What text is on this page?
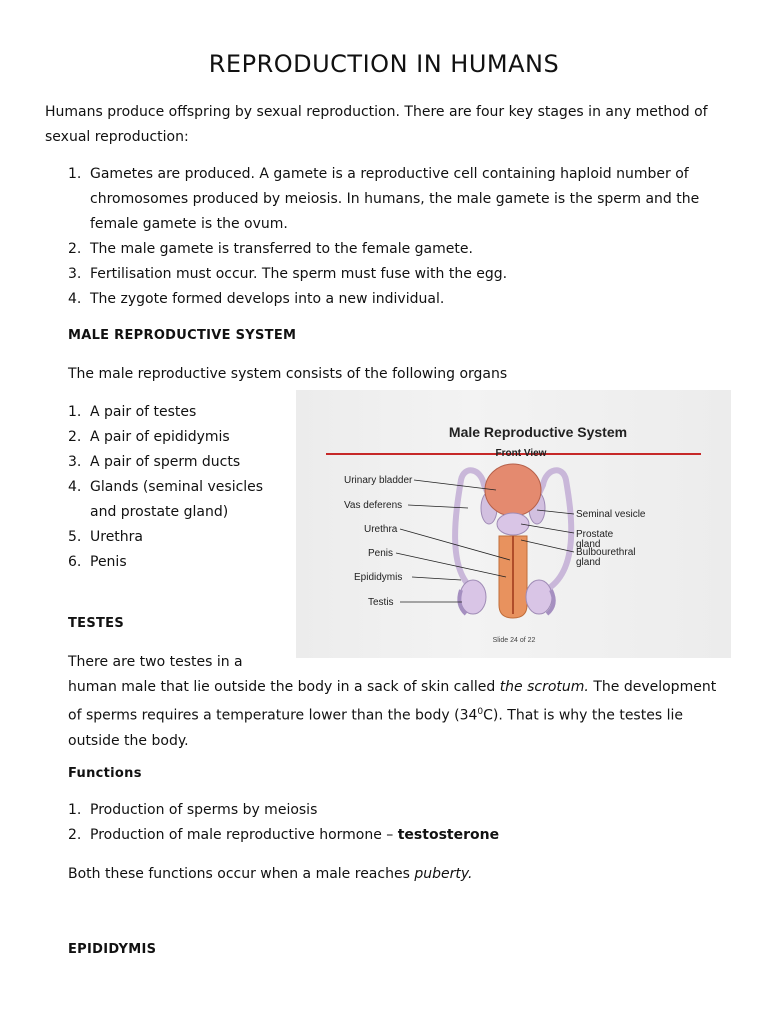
REPRODUCTION IN HUMANS

Humans produce offspring by sexual reproduction. There are four key stages in any method of
sexual reproduction:

1. Gametes are produced. A gamete is a reproductive cell containing haploid number of
chromosomes produced by meiosis. In humans, the male gamete is the sperm and the
female gamete is the ovum.
2. The male gamete is transferred to the female gamete.
3. Fertilisation must occur. The sperm must fuse with the egg.
4. The zygote formed develops into a new individual.
MALE REPRODUCTIVE SYSTEM
The male reproductive system consists of the following organs
1. A pair of testes
2. A pair of epididymis
3. A pair of sperm ducts
4. Glands (seminal vesicles
and prostate gland)
5. Urethra
6. Penis
Male Reproductive System
Front View
Urinary bladder
Vas deferens
Urethra
Penis
Epididymis
Testis
Seminal vesicle
Prostate
gland
Bulbourethral
gland
Slide 24 of 22
TESTES

There are two testes in a
human male that lie outside the body in a sack of skin called the scrotum. The development
of sperms requires a temperature lower than the body $(34^0C)$. That is why the testes lie
outside the body.

Functions
1. Production of sperms by meiosis
2. Production of male reproductive hormone – testosterone

Both these functions occur when a male reaches puberty.

EPIDIDYMIS
